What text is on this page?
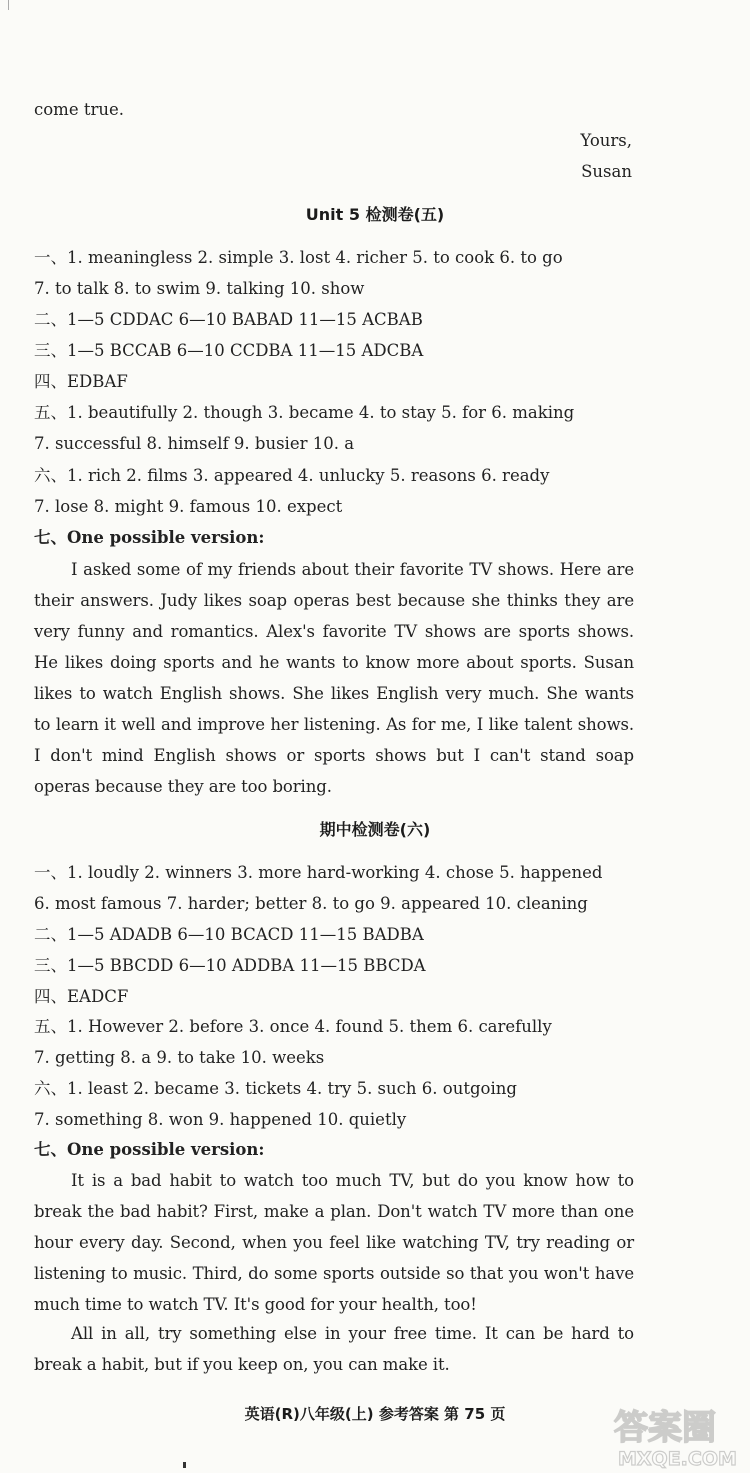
come true.
Yours,
Susan
Unit 5 检测卷(五)
一、1. meaningless 2. simple 3. lost 4. richer 5. to cook 6. to go
7. to talk 8. to swim 9. talking 10. show
二、1—5 CDDAC 6—10 BABAD 11—15 ACBAB
三、1—5 BCCAB 6—10 CCDBA 11—15 ADCBA
四、EDBAF
五、1. beautifully 2. though 3. became 4. to stay 5. for 6. making
7. successful 8. himself 9. busier 10. a
六、1. rich 2. films 3. appeared 4. unlucky 5. reasons 6. ready
7. lose 8. might 9. famous 10. expect
七、One possible version:
I asked some of my friends about their favorite TV shows. Here are their answers. Judy likes soap operas best because she thinks they are very funny and romantics. Alex's favorite TV shows are sports shows. He likes doing sports and he wants to know more about sports. Susan likes to watch English shows. She likes English very much. She wants to learn it well and improve her listening. As for me, I like talent shows. I don't mind English shows or sports shows but I can't stand soap operas because they are too boring.
期中检测卷(六)
一、1. loudly 2. winners 3. more hard-working 4. chose 5. happened
6. most famous 7. harder; better 8. to go 9. appeared 10. cleaning
二、1—5 ADADB 6—10 BCACD 11—15 BADBA
三、1—5 BBCDD 6—10 ADDBA 11—15 BBCDA
四、EADCF
五、1. However 2. before 3. once 4. found 5. them 6. carefully
7. getting 8. a 9. to take 10. weeks
六、1. least 2. became 3. tickets 4. try 5. such 6. outgoing
7. something 8. won 9. happened 10. quietly
七、One possible version:
It is a bad habit to watch too much TV, but do you know how to break the bad habit? First, make a plan. Don't watch TV more than one hour every day. Second, when you feel like watching TV, try reading or listening to music. Third, do some sports outside so that you won't have much time to watch TV. It's good for your health, too!
All in all, try something else in your free time. It can be hard to break a habit, but if you keep on, you can make it.
英语(R)八年级(上) 参考答案 第 75 页	答案圈
MXQE.COM
